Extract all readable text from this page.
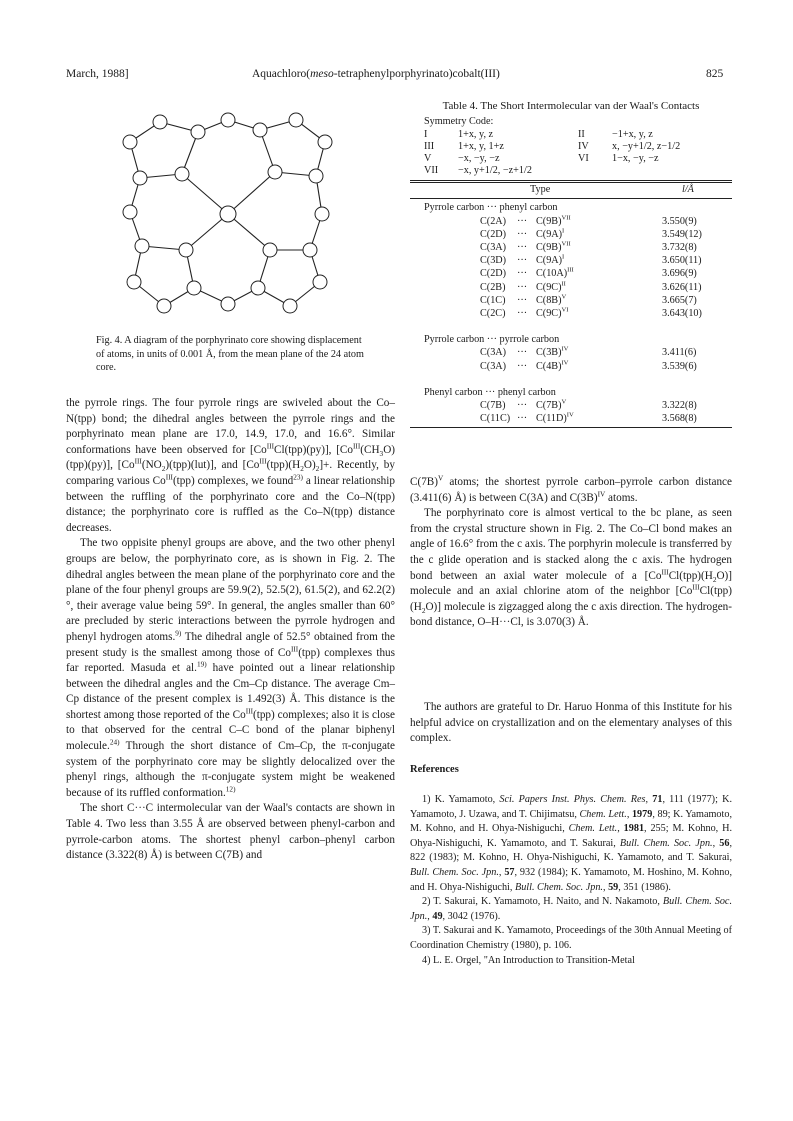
March, 1988]	Aquachloro(meso-tetraphenylporphyrinato)cobalt(III)	825
Fig. 4. A diagram of the porphyrinato core showing displacement of atoms, in units of 0.001 Å, from the mean plane of the 24 atom core.
Table 4. The Short Intermolecular van der Waal's Contacts
Symmetry Code:
I	1+x, y, z	II	−1+x, y, z
III	1+x, y, 1+z	IV	x, −y+1/2, z−1/2
V	−x, −y, −z	VI	1−x, −y, −z
VII	−x, y+1/2, −z+1/2		
Type	l/Å
Pyrrole carbon ··· phenyl carbon
C(2A) ··· $C(9B)^{VII}$	3.550(9)
C(2D) ··· $C(9A)^I$	3.549(12)
C(3A) ··· $C(9B)^{VII}$	3.732(8)
C(3D) ··· $C(9A)^I$	3.650(11)
C(2D) ··· $C(10A)^{III}$	3.696(9)
C(2B) ··· $C(9C)^{II}$	3.626(11)
C(1C) ··· $C(8B)^V$	3.665(7)
C(2C) ··· $C(9C)^{VI}$	3.643(10)
Pyrrole carbon ··· pyrrole carbon
C(3A) ··· $C(3B)^{IV}$	3.411(6)
C(3A) ··· $C(4B)^{IV}$	3.539(6)
Phenyl carbon ··· phenyl carbon
C(7B) ··· $C(7B)^V$	3.322(8)
C(11C) ··· $C(11D)^{IV}$	3.568(8)

the pyrrole rings. The four pyrrole rings are swiveled about the Co–N(tpp) bond; the dihedral angles between the pyrrole rings and the porphyrinato mean plane are 17.0, 14.9, 17.0, and 16.6°. Similar conformations have been observed for $[Co^{III}Cl(tpp)(py)]$, $[Co^{III}(CH_3O)(tpp)(py)]$, $[Co^{III}(NO_2)(tpp)(lut)]$, and $[Co^{III}(tpp)(H_2O)_2]+$. Recently, by comparing various $Co^{III}(tpp)$ complexes, we found$^{23)}$ a linear relationship between the ruffling of the porphyrinato core and the Co–N(tpp) distance; the porphyrinato core is ruffled as the Co–N(tpp) distance decreases.

The two oppisite phenyl groups are above, and the two other phenyl groups are below, the porphyrinato core, as is shown in Fig. 2. The dihedral angles between the mean plane of the porphyrinato core and the plane of the four phenyl groups are 59.9(2), 52.5(2), 61.5(2), and 62.2(2)°, their average value being 59°. In general, the angles smaller than 60° are precluded by steric interactions between the pyrrole hydrogen and phenyl hydrogen atoms.$^{9)}$ The dihedral angle of 52.5° obtained from the present study is the smallest among those of $Co^{III}(tpp)$ complexes thus far reported. Masuda et al.$^{19)}$ have pointed out a linear relationship between the dihedral angles and the Cm–Cp distance. The average Cm–Cp distance of the present complex is 1.492(3) Å. This distance is the shortest among those reported of the $Co^{III}(tpp)$ complexes; also it is close to that observed for the central C–C bond of the planar biphenyl molecule.$^{24)}$ Through the short distance of Cm–Cp, the π-conjugate system of the porphyrinato core may be slightly delocalized over the phenyl rings, although the π-conjugate system might be weakened because of its ruffled conformation.$^{12)}$

The short C···C intermolecular van der Waal's contacts are shown in Table 4. Two less than 3.55 Å are observed between phenyl-carbon and pyrrole-carbon atoms. The shortest phenyl carbon–phenyl carbon distance (3.322(8) Å) is between C(7B) and

$C(7B)^V$ atoms; the shortest pyrrole carbon–pyrrole carbon distance (3.411(6) Å) is between C(3A) and $C(3B)^{IV}$ atoms.

The porphyrinato core is almost vertical to the bc plane, as seen from the crystal structure shown in Fig. 2. The Co–Cl bond makes an angle of 16.6° from the c axis. The porphyrin molecule is transferred by the c glide operation and is stacked along the c axis. The hydrogen bond between an axial water molecule of a $[Co^{III}Cl(tpp)(H_2O)]$ molecule and an axial chlorine atom of the neighbor $[Co^{III}Cl(tpp)(H_2O)]$ molecule is zigzagged along the c axis direction. The hydrogen-bond distance, O–H···Cl, is 3.070(3) Å.

The authors are grateful to Dr. Haruo Honma of this Institute for his helpful advice on crystallization and on the elementary analyses of this complex.

References

1) K. Yamamoto, Sci. Papers Inst. Phys. Chem. Res, 71, 111 (1977); K. Yamamoto, J. Uzawa, and T. Chijimatsu, Chem. Lett., 1979, 89; K. Yamamoto, M. Kohno, and H. Ohya-Nishiguchi, Chem. Lett., 1981, 255; M. Kohno, H. Ohya-Nishiguchi, K. Yamamoto, and T. Sakurai, Bull. Chem. Soc. Jpn., 56, 822 (1983); M. Kohno, H. Ohya-Nishiguchi, K. Yamamoto, and T. Sakurai, Bull. Chem. Soc. Jpn., 57, 932 (1984); K. Yamamoto, M. Hoshino, M. Kohno, and H. Ohya-Nishiguchi, Bull. Chem. Soc. Jpn., 59, 351 (1986).

2) T. Sakurai, K. Yamamoto, H. Naito, and N. Nakamoto, Bull. Chem. Soc. Jpn., 49, 3042 (1976).

3) T. Sakurai and K. Yamamoto, Proceedings of the 30th Annual Meeting of Coordination Chemistry (1980), p. 106.

4) L. E. Orgel, "An Introduction to Transition-Metal
